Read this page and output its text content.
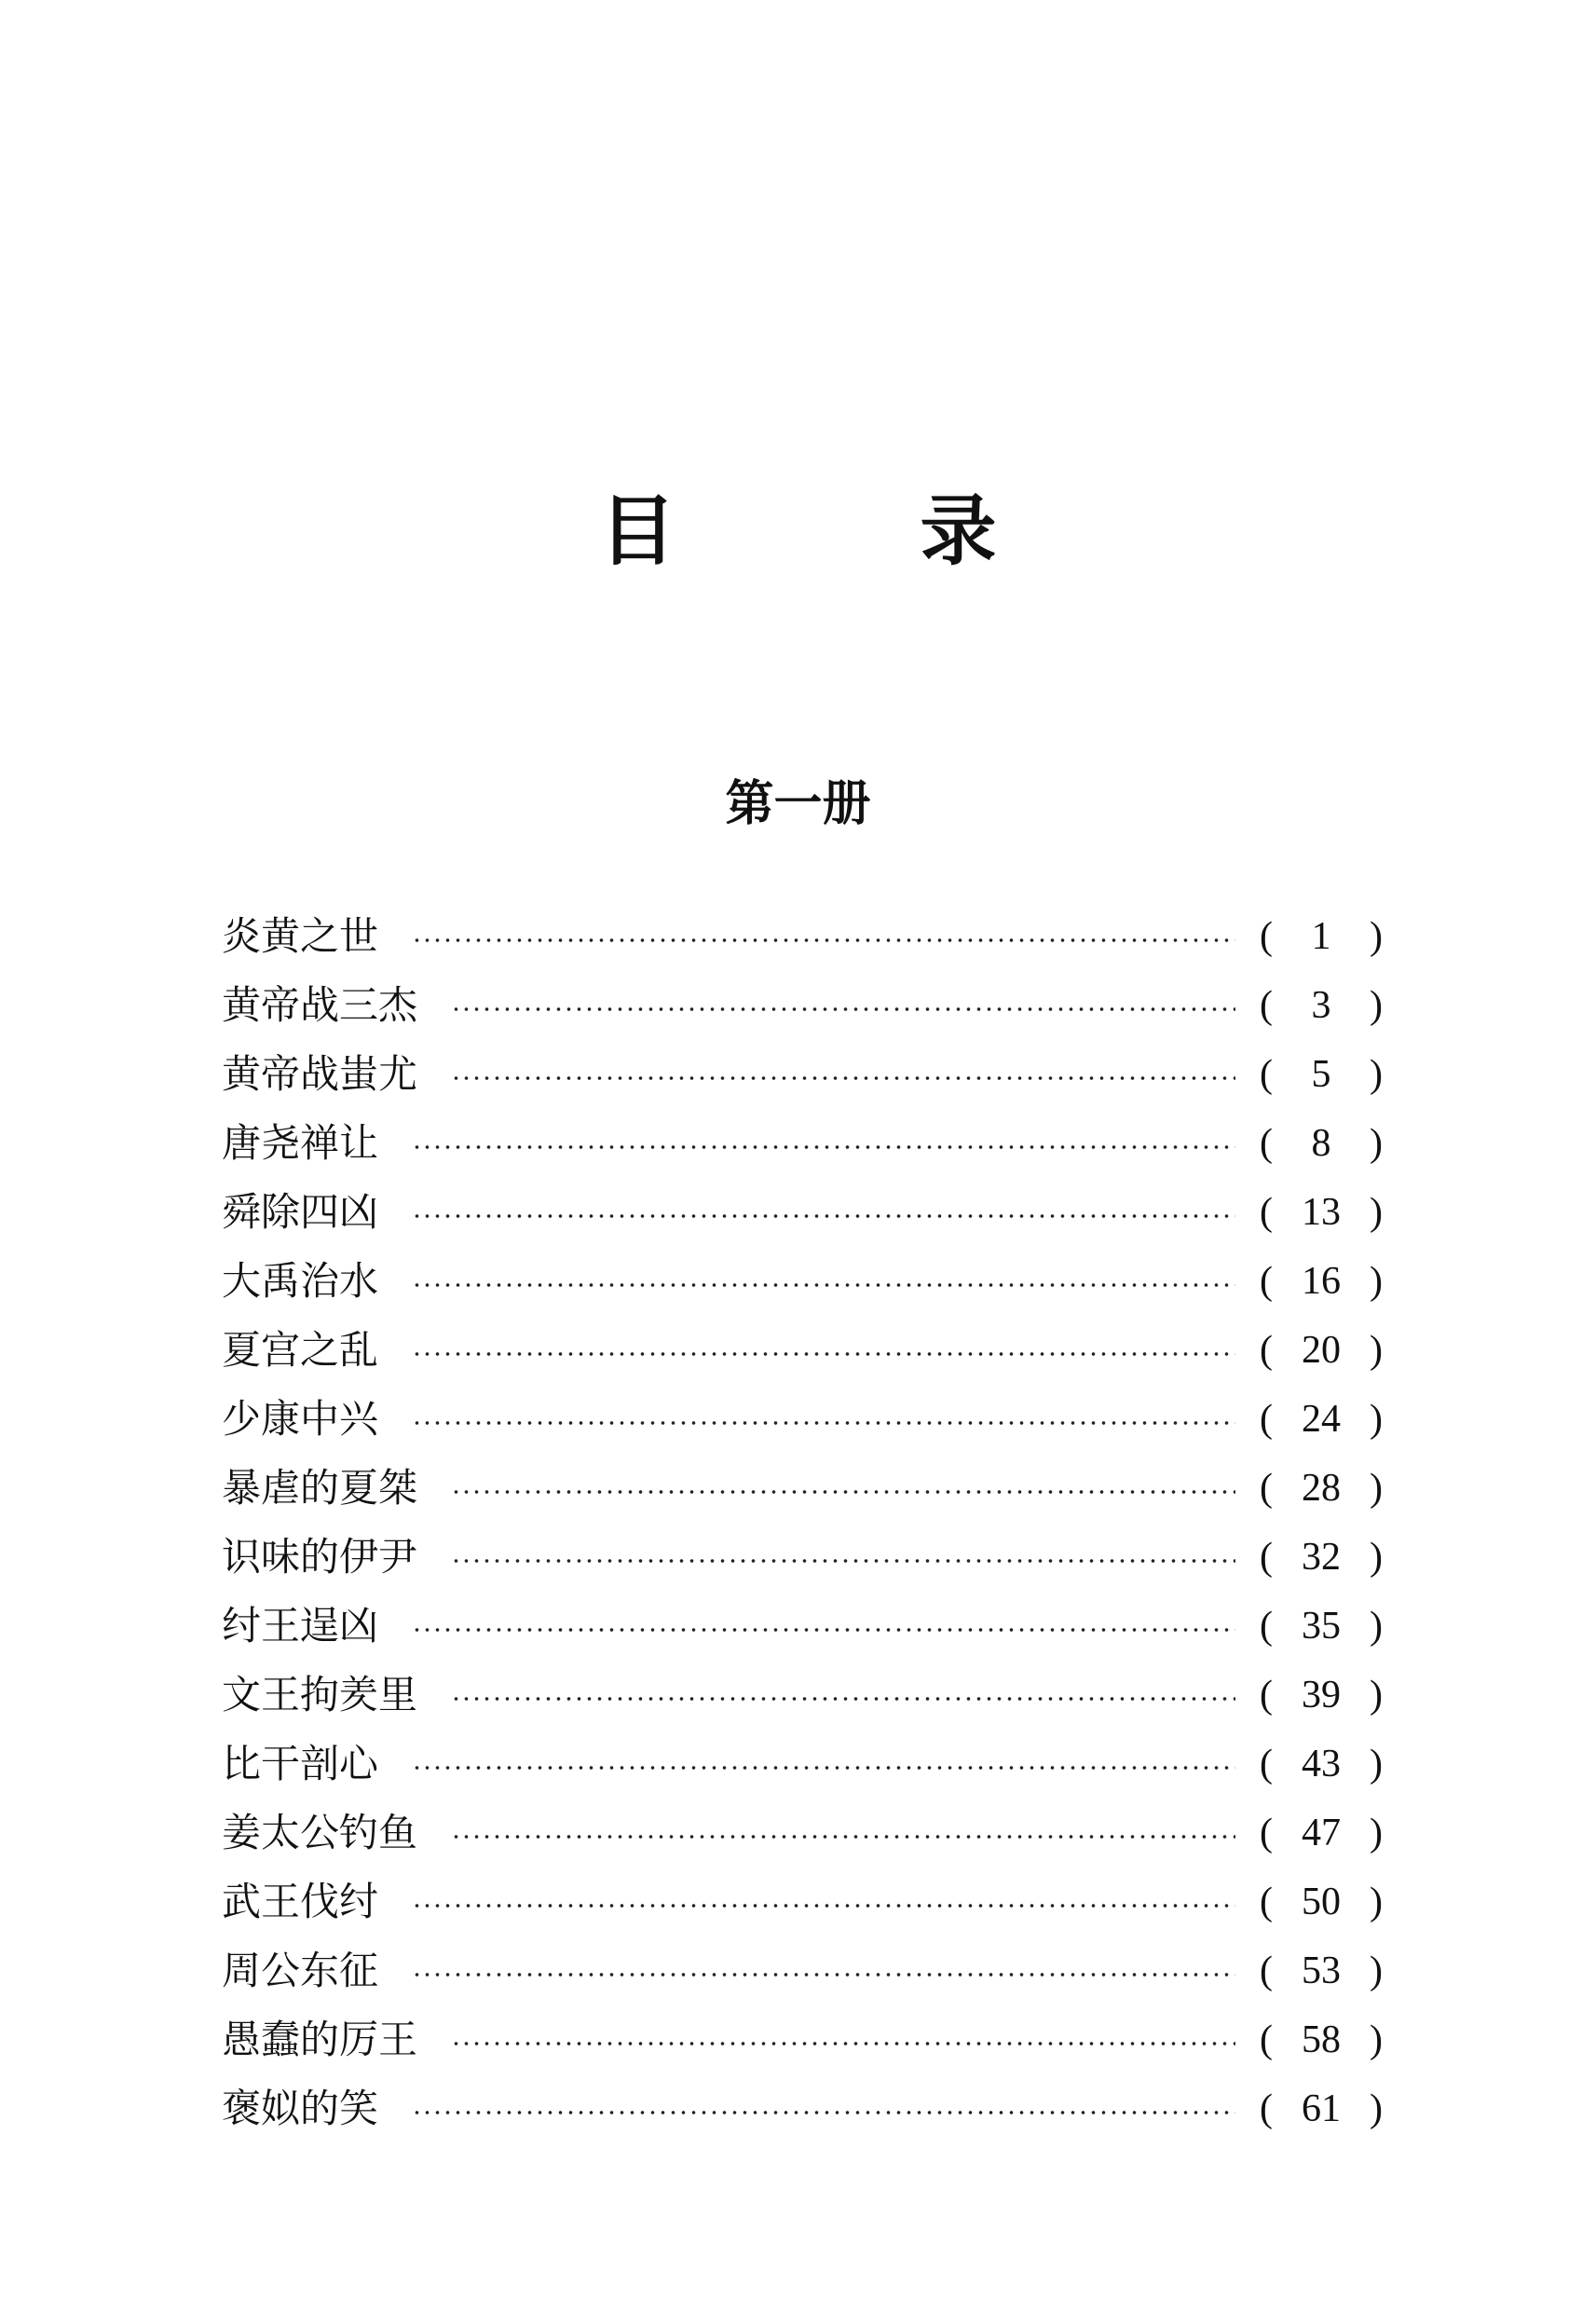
目　录
第一册
炎黄之世	( 1 )
黄帝战三杰	( 3 )
黄帝战蚩尤	( 5 )
唐尧禅让	( 8 )
舜除四凶	( 13 )
大禹治水	( 16 )
夏宫之乱	( 20 )
少康中兴	( 24 )
暴虐的夏桀	( 28 )
识味的伊尹	( 32 )
纣王逞凶	( 35 )
文王拘羑里	( 39 )
比干剖心	( 43 )
姜太公钓鱼	( 47 )
武王伐纣	( 50 )
周公东征	( 53 )
愚蠢的厉王	( 58 )
褒姒的笑	( 61 )
